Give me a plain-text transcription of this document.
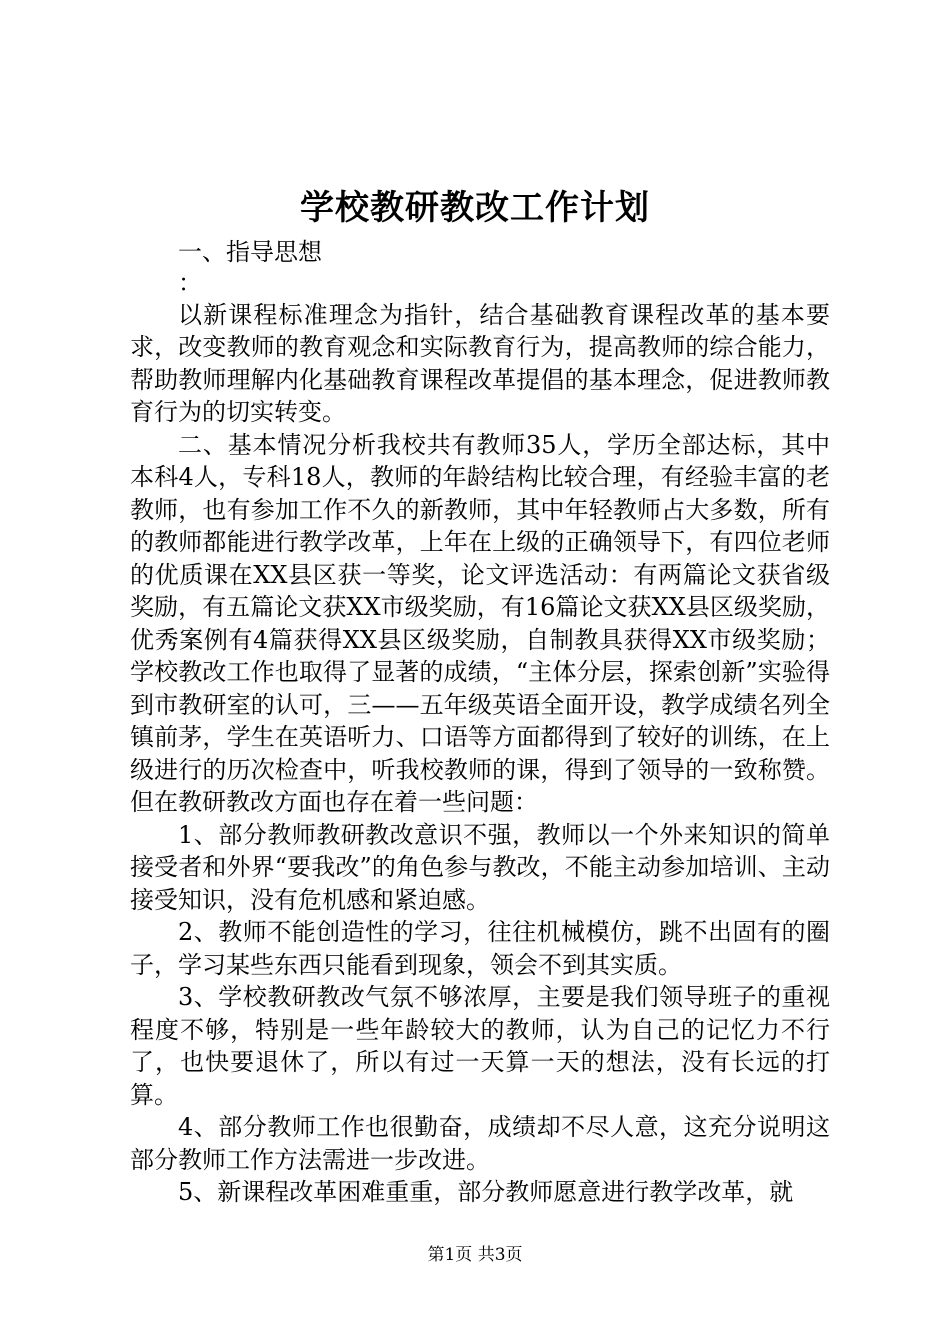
学校教研教改工作计划

一、指导思想

：

以新课程标准理念为指针，结合基础教育课程改革的基本要求，改变教师的教育观念和实际教育行为，提高教师的综合能力，帮助教师理解内化基础教育课程改革提倡的基本理念，促进教师教育行为的切实转变。

二、基本情况分析我校共有教师35人，学历全部达标，其中本科4人，专科18人，教师的年龄结构比较合理，有经验丰富的老教师，也有参加工作不久的新教师，其中年轻教师占大多数，所有的教师都能进行教学改革，上年在上级的正确领导下，有四位老师的优质课在XX县区获一等奖，论文评选活动：有两篇论文获省级奖励，有五篇论文获XX市级奖励，有16篇论文获XX县区级奖励，优秀案例有4篇获得XX县区级奖励，自制教具获得XX市级奖励；学校教改工作也取得了显著的成绩，“主体分层，探索创新”实验得到市教研室的认可，三——五年级英语全面开设，教学成绩名列全镇前茅，学生在英语听力、口语等方面都得到了较好的训练，在上级进行的历次检查中，听我校教师的课，得到了领导的一致称赞。但在教研教改方面也存在着一些问题：

1、部分教师教研教改意识不强，教师以一个外来知识的简单接受者和外界“要我改”的角色参与教改，不能主动参加培训、主动接受知识，没有危机感和紧迫感。

2、教师不能创造性的学习，往往机械模仿，跳不出固有的圈子，学习某些东西只能看到现象，领会不到其实质。

3、学校教研教改气氛不够浓厚，主要是我们领导班子的重视程度不够，特别是一些年龄较大的教师，认为自己的记忆力不行了，也快要退休了，所以有过一天算一天的想法，没有长远的打算。

4、部分教师工作也很勤奋，成绩却不尽人意，这充分说明这部分教师工作方法需进一步改进。

5、新课程改革困难重重，部分教师愿意进行教学改革，就

第1页 共3页
